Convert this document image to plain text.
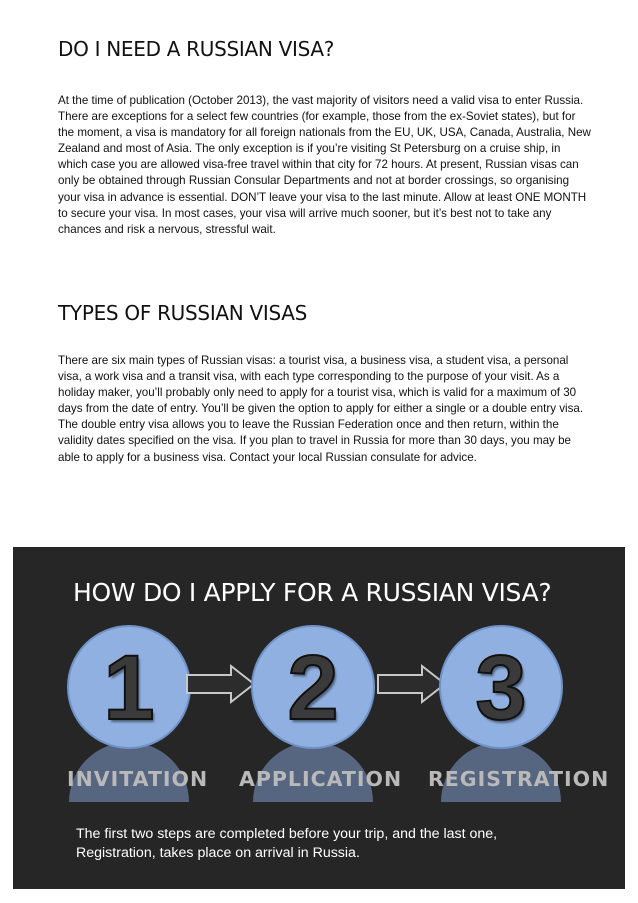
DO I NEED A RUSSIAN VISA?

At the time of publication (October 2013), the vast majority of visitors need a valid visa to enter Russia. There are exceptions for a select few countries (for example, those from the ex-Soviet states), but for the moment, a visa is mandatory for all foreign nationals from the EU, UK, USA, Canada, Australia, New Zealand and most of Asia. The only exception is if you’re visiting St Petersburg on a cruise ship, in which case you are allowed visa-free travel within that city for 72 hours. At present, Russian visas can only be obtained through Russian Consular Departments and not at border crossings, so organising your visa in advance is essential. DON’T leave your visa to the last minute. Allow at least ONE MONTH to secure your visa. In most cases, your visa will arrive much sooner, but it’s best not to take any chances and risk a nervous, stressful wait.

TYPES OF RUSSIAN VISAS

There are six main types of Russian visas: a tourist visa, a business visa, a student visa, a personal visa, a work visa and a transit visa, with each type corresponding to the purpose of your visit. As a holiday maker, you’ll probably only need to apply for a tourist visa, which is valid for a maximum of 30 days from the date of entry. You’ll be given the option to apply for either a single or a double entry visa. The double entry visa allows you to leave the Russian Federation once and then return, within the validity dates specified on the visa. If you plan to travel in Russia for more than 30 days, you may be able to apply for a business visa. Contact your local Russian consulate for advice.

HOW DO I APPLY FOR A RUSSIAN VISA?
1	2	3
INVITATION APPLICATION REGISTRATION

The first two steps are completed before your trip, and the last one, Registration, takes place on arrival in Russia.
